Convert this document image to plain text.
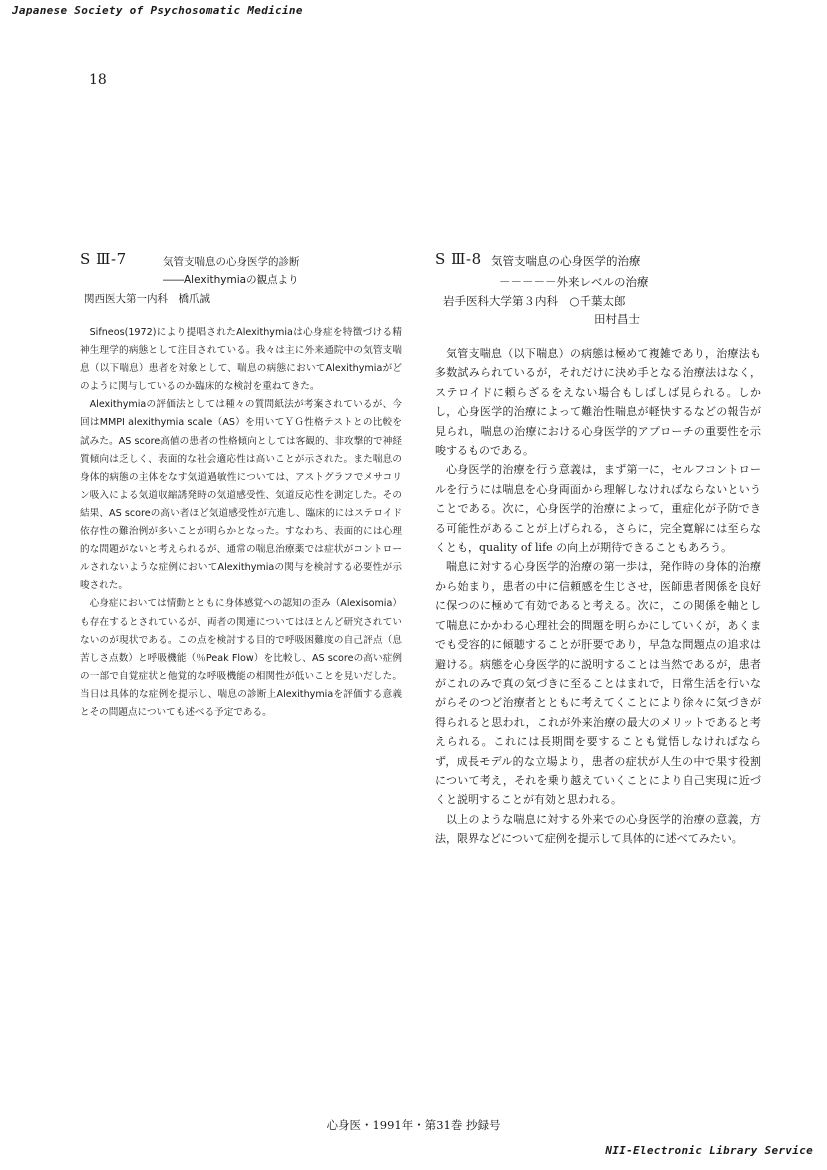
Japanese Society of Psychosomatic Medicine
18
S Ⅲ-7	気管支喘息の心身医学的診断
――Alexithymiaの観点より
関西医大第一内科　橋爪誠

Sifneos(1972)により提唱されたAlexithymiaは心身症を特徴づける精神生理学的病態として注目されている。我々は主に外来通院中の気管支喘息（以下喘息）患者を対象として、喘息の病態においてAlexithymiaがどのように関与しているのか臨床的な検討を重ねてきた。

Alexithymiaの評価法としては種々の質問紙法が考案されているが、今回はMMPI alexithymia scale（AS）を用いてＹＧ性格テストとの比較を試みた。AS score高値の患者の性格傾向としては客観的、非攻撃的で神経質傾向は乏しく、表面的な社会適応性は高いことが示された。また喘息の身体的病態の主体をなす気道過敏性については、アストグラフでメサコリン吸入による気道収縮誘発時の気道感受性、気道反応性を測定した。その結果、AS scoreの高い者ほど気道感受性が亢進し、臨床的にはステロイド依存性の難治例が多いことが明らかとなった。すなわち、表面的には心理的な問題がないと考えられるが、通常の喘息治療薬では症状がコントロールされないような症例においてAlexithymiaの関与を検討する必要性が示唆された。

心身症においては情動とともに身体感覚への認知の歪み（Alexisomia）も存在するとされているが、両者の関連についてはほとんど研究されていないのが現状である。この点を検討する目的で呼吸困難度の自己評点（息苦しさ点数）と呼吸機能（％Peak Flow）を比較し、AS scoreの高い症例の一部で自覚症状と他覚的な呼吸機能の相関性が低いことを見いだした。当日は具体的な症例を提示し、喘息の診断上Alexithymiaを評価する意義とその問題点についても述べる予定である。

S Ⅲ-8 気管支喘息の心身医学的治療
－－－－－外来レベルの治療
岩手医科大学第３内科　○千葉太郎
田村昌士

気管支喘息（以下喘息）の病態は極めて複雑であり，治療法も多数試みられているが，それだけに決め手となる治療法はなく，ステロイドに頼らざるをえない場合もしばしば見られる。しかし，心身医学的治療によって難治性喘息が軽快するなどの報告が見られ，喘息の治療における心身医学的アプローチの重要性を示唆するものである。

心身医学的治療を行う意義は，まず第一に，セルフコントロールを行うには喘息を心身両面から理解しなければならないということである。次に，心身医学的治療によって，重症化が予防できる可能性があることが上げられる，さらに，完全寛解には至らなくとも，quality of life の向上が期待できることもあろう。

喘息に対する心身医学的治療の第一歩は，発作時の身体的治療から始まり，患者の中に信頼感を生じさせ，医師患者関係を良好に保つのに極めて有効であると考える。次に，この関係を軸として喘息にかかわる心理社会的問題を明らかにしていくが，あくまでも受容的に傾聴することが肝要であり，早急な問題点の追求は避ける。病態を心身医学的に説明することは当然であるが，患者がこれのみで真の気づきに至ることはまれで，日常生活を行いながらそのつど治療者とともに考えてくことにより徐々に気づきが得られると思われ，これが外来治療の最大のメリットであると考えられる。これには長期間を要することも覚悟しなければならず，成長モデル的な立場より，患者の症状が人生の中で果す役割について考え，それを乗り越えていくことにより自己実現に近づくと説明することが有効と思われる。

以上のような喘息に対する外来での心身医学的治療の意義，方法，限界などについて症例を提示して具体的に述べてみたい。

心身医・1991年・第31巻 抄録号
NII-Electronic Library Service
